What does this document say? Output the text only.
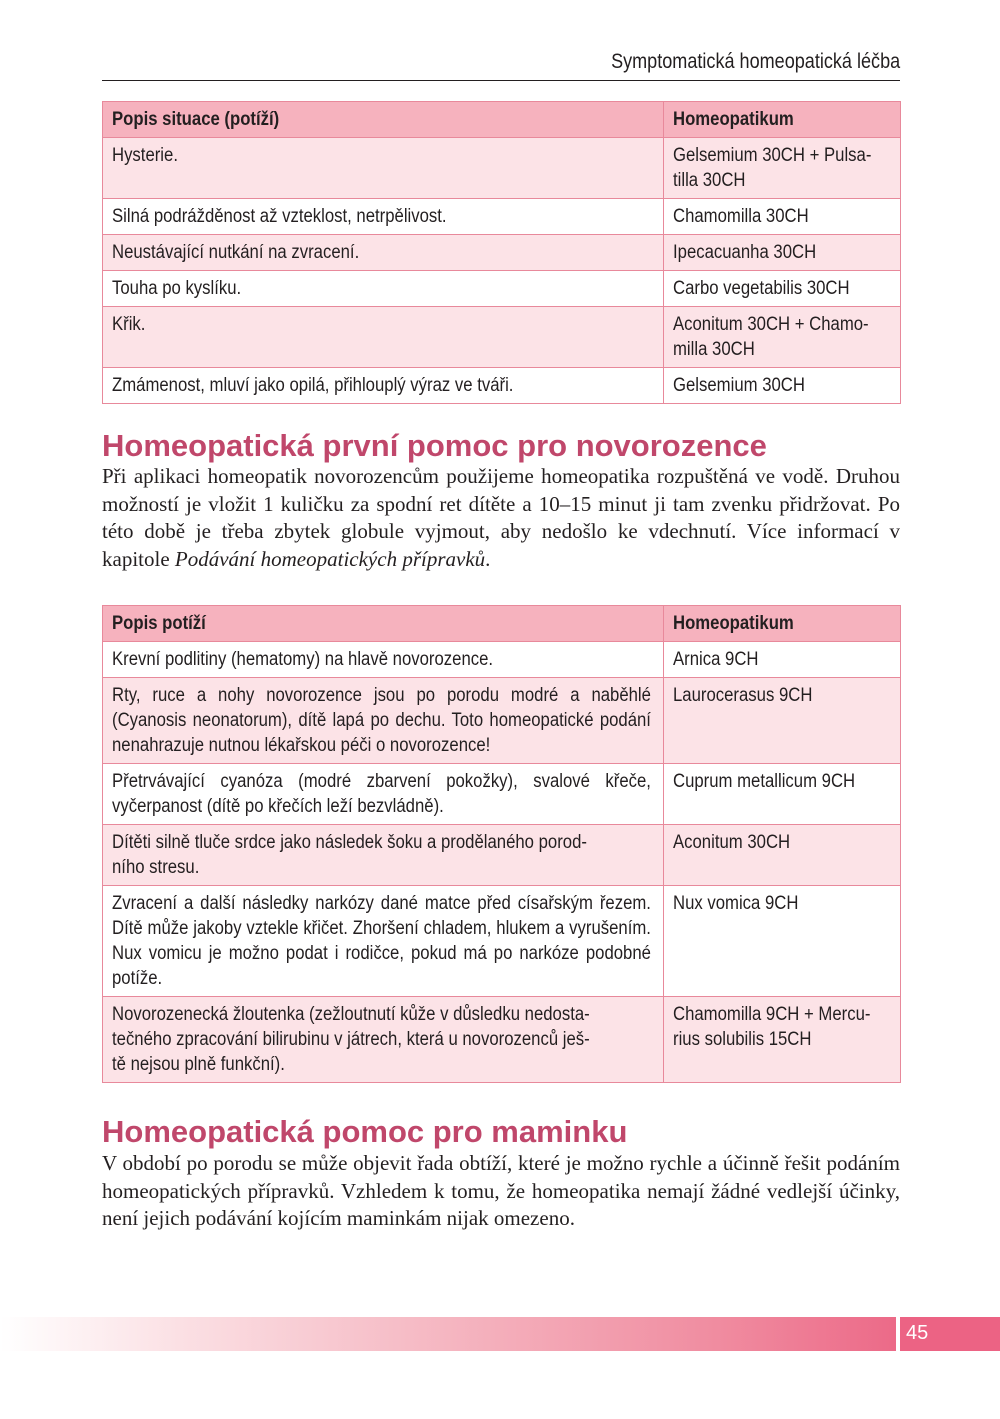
Symptomatická homeopatická léčba
Popis situace (potíží)	Homeopatikum

Hysterie.	Gelsemium 30CH + Pulsa-
tilla 30CH

Silná podrážděnost až vzteklost, netrpělivost.	Chamomilla 30CH

Neustávající nutkání na zvracení.	Ipecacuanha 30CH

Touha po kyslíku.	Carbo vegetabilis 30CH

Křik.	Aconitum 30CH + Chamo-
milla 30CH

Zmámenost, mluví jako opilá, přihlouplý výraz ve tváři.	Gelsemium 30CH
Homeopatická první pomoc pro novorozence

Při aplikaci homeopatik novorozencům použijeme homeopatika rozpuštěná ve vodě. Druhou možností je vložit 1 kuličku za spodní ret dítěte a 10–15 minut ji tam zvenku přidržovat. Po této době je třeba zbytek globule vyjmout, aby nedošlo ke vdechnutí. Více informací v kapitole Podávání homeopatických přípravků.

Popis potíží	Homeopatikum

Krevní podlitiny (hematomy) na hlavě novorozence.	Arnica 9CH

Rty, ruce a nohy novorozence jsou po porodu modré a naběhlé (Cyanosis neonatorum), dítě lapá po dechu. Toto homeopatické podání nenahrazuje nutnou lékařskou péči o novorozence!	Laurocerasus 9CH

Přetrvávající cyanóza (modré zbarvení pokožky), svalové křeče, vyčerpanost (dítě po křečích leží bezvládně).	Cuprum metallicum 9CH

Dítěti silně tluče srdce jako následek šoku a prodělaného porod-
ního stresu.	Aconitum 30CH

Zvracení a další následky narkózy dané matce před císařským řezem. Dítě může jakoby vztekle křičet. Zhoršení chladem, hlukem a vyrušením. Nux vomicu je možno podat i rodičce, pokud má po narkóze podobné potíže.	Nux vomica 9CH

Novorozenecká žloutenka (zežloutnutí kůže v důsledku nedosta-
tečného zpracování bilirubinu v játrech, která u novorozenců ješ-
tě nejsou plně funkční).	Chamomilla 9CH + Mercu-
rius solubilis 15CH
Homeopatická pomoc pro maminku

V období po porodu se může objevit řada obtíží, které je možno rychle a účinně řešit podáním homeopatických přípravků. Vzhledem k tomu, že homeopatika nemají žádné vedlejší účinky, není jejich podávání kojícím maminkám nijak omezeno.

45
